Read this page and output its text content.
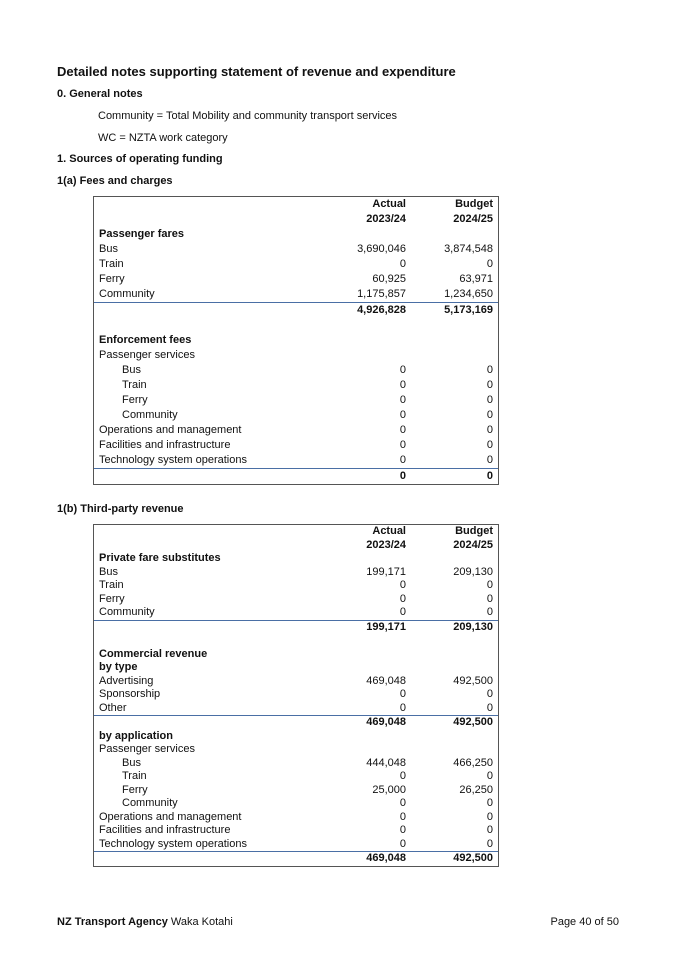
Detailed notes supporting statement of revenue and expenditure
0. General notes
Community = Total Mobility and community transport services
WC = NZTA work category
1. Sources of operating funding
1(a) Fees and charges
Actual	Budget
2023/24	2024/25
Passenger fares
Bus	3,690,046	3,874,548
Train	0	0
Ferry	60,925	63,971
Community	1,175,857	1,234,650
4,926,828	5,173,169
Enforcement fees
Passenger services
Bus	0	0
Train	0	0
Ferry	0	0
Community	0	0
Operations and management	0	0
Facilities and infrastructure	0	0
Technology system operations	0	0
0	0
1(b) Third-party revenue
Actual	Budget
2023/24	2024/25
Private fare substitutes
Bus	199,171	209,130
Train	0	0
Ferry	0	0
Community	0	0
199,171	209,130
Commercial revenue
by type
Advertising	469,048	492,500
Sponsorship	0	0
Other	0	0
469,048	492,500
by application
Passenger services
Bus	444,048	466,250
Train	0	0
Ferry	25,000	26,250
Community	0	0
Operations and management	0	0
Facilities and infrastructure	0	0
Technology system operations	0	0
469,048	492,500
NZ Transport Agency Waka Kotahi	Page 40 of 50
